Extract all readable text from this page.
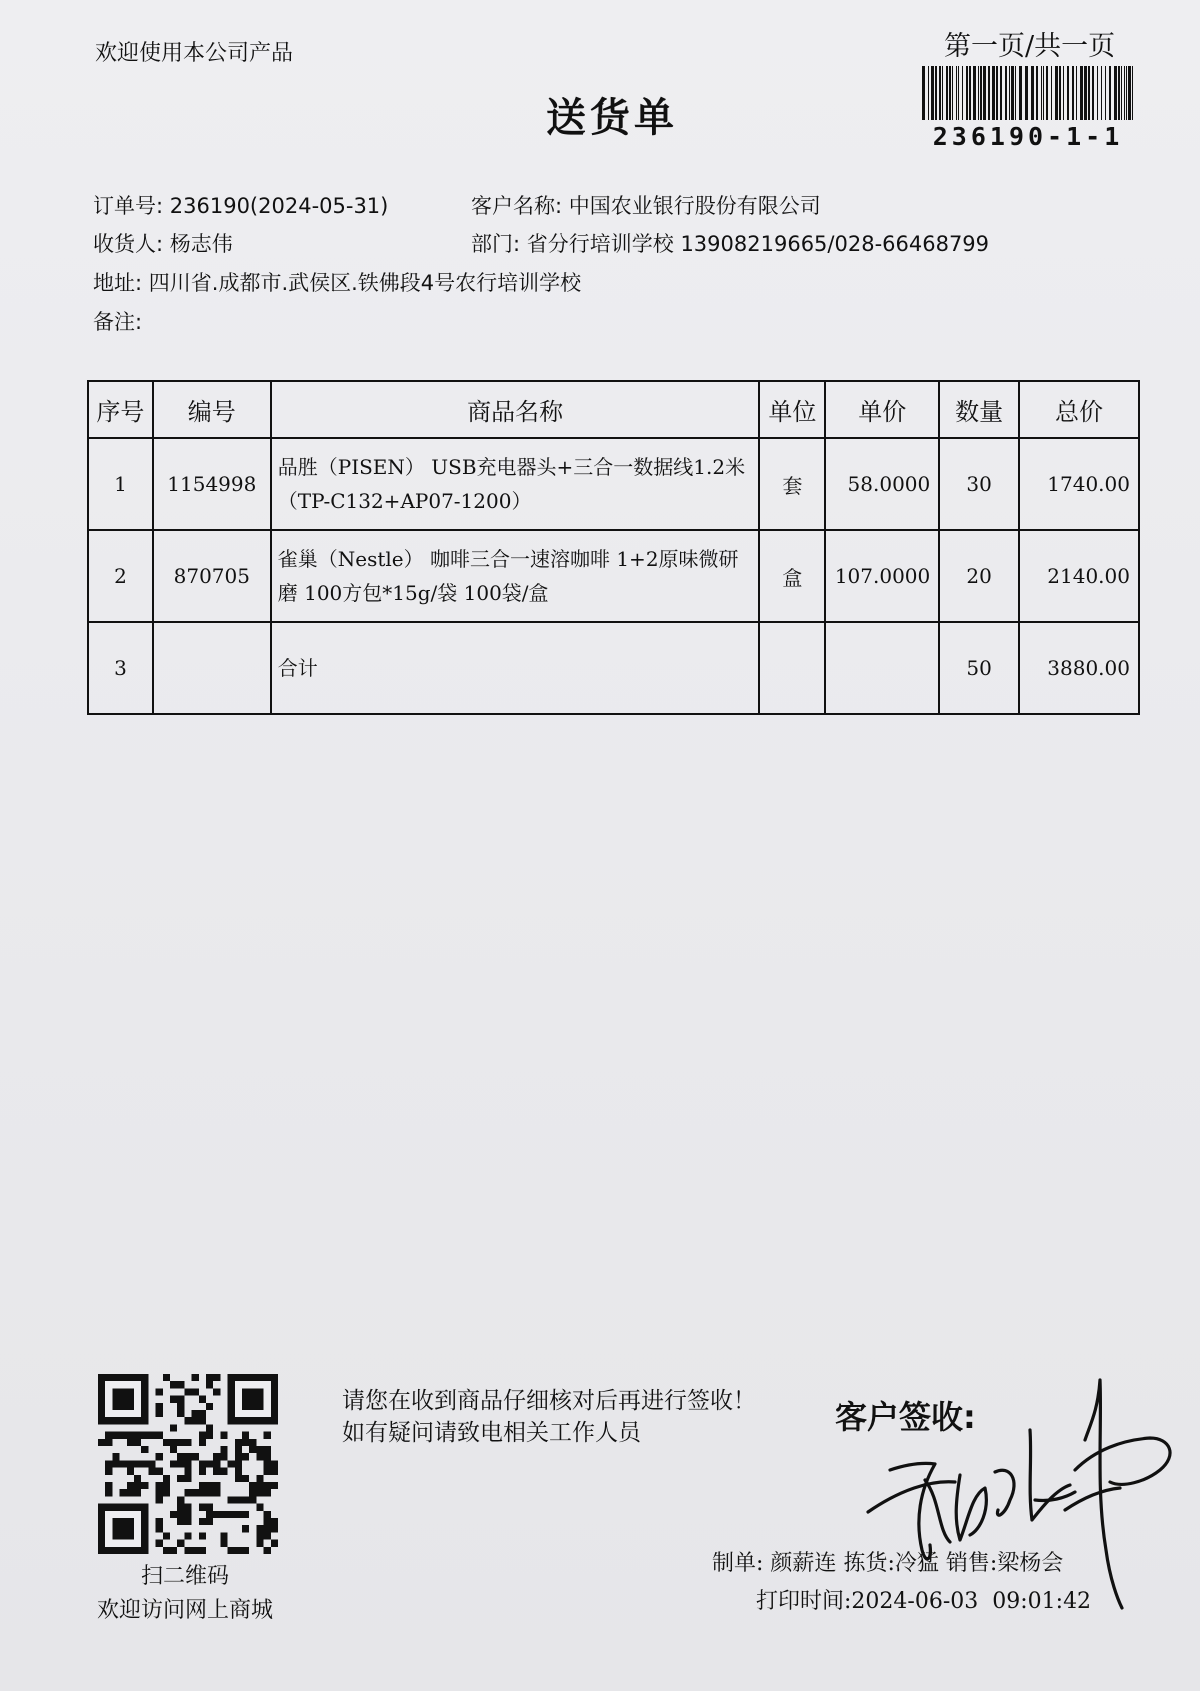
欢迎使用本公司产品	第一页/共一页
236190-1-1
送货单
订单号: 236190(2024-05-31)	客户名称: 中国农业银行股份有限公司
收货人: 杨志伟	部门: 省分行培训学校 13908219665/028-66468799
地址: 四川省.成都市.武侯区.铁佛段4号农行培训学校
备注:
序号	编号	商品名称	单位	单价	数量	总价
1	1154998	品胜（PISEN） USB充电器头+三合一数据线1.2米（TP-C132+AP07-1200）	套	58.0000	30	1740.00
2	870705	雀巢（Nestle） 咖啡三合一速溶咖啡 1+2原味微研磨 100方包*15g/袋 100袋/盒	盒	107.0000	20	2140.00
3		合计			50	3880.00
扫二维码
欢迎访问网上商城
请您在收到商品仔细核对后再进行签收！如有疑问请致电相关工作人员	客户签收:
制单: 颜薪连 拣货:冷猛 销售:梁杨会
打印时间:2024-06-03  09:01:42
